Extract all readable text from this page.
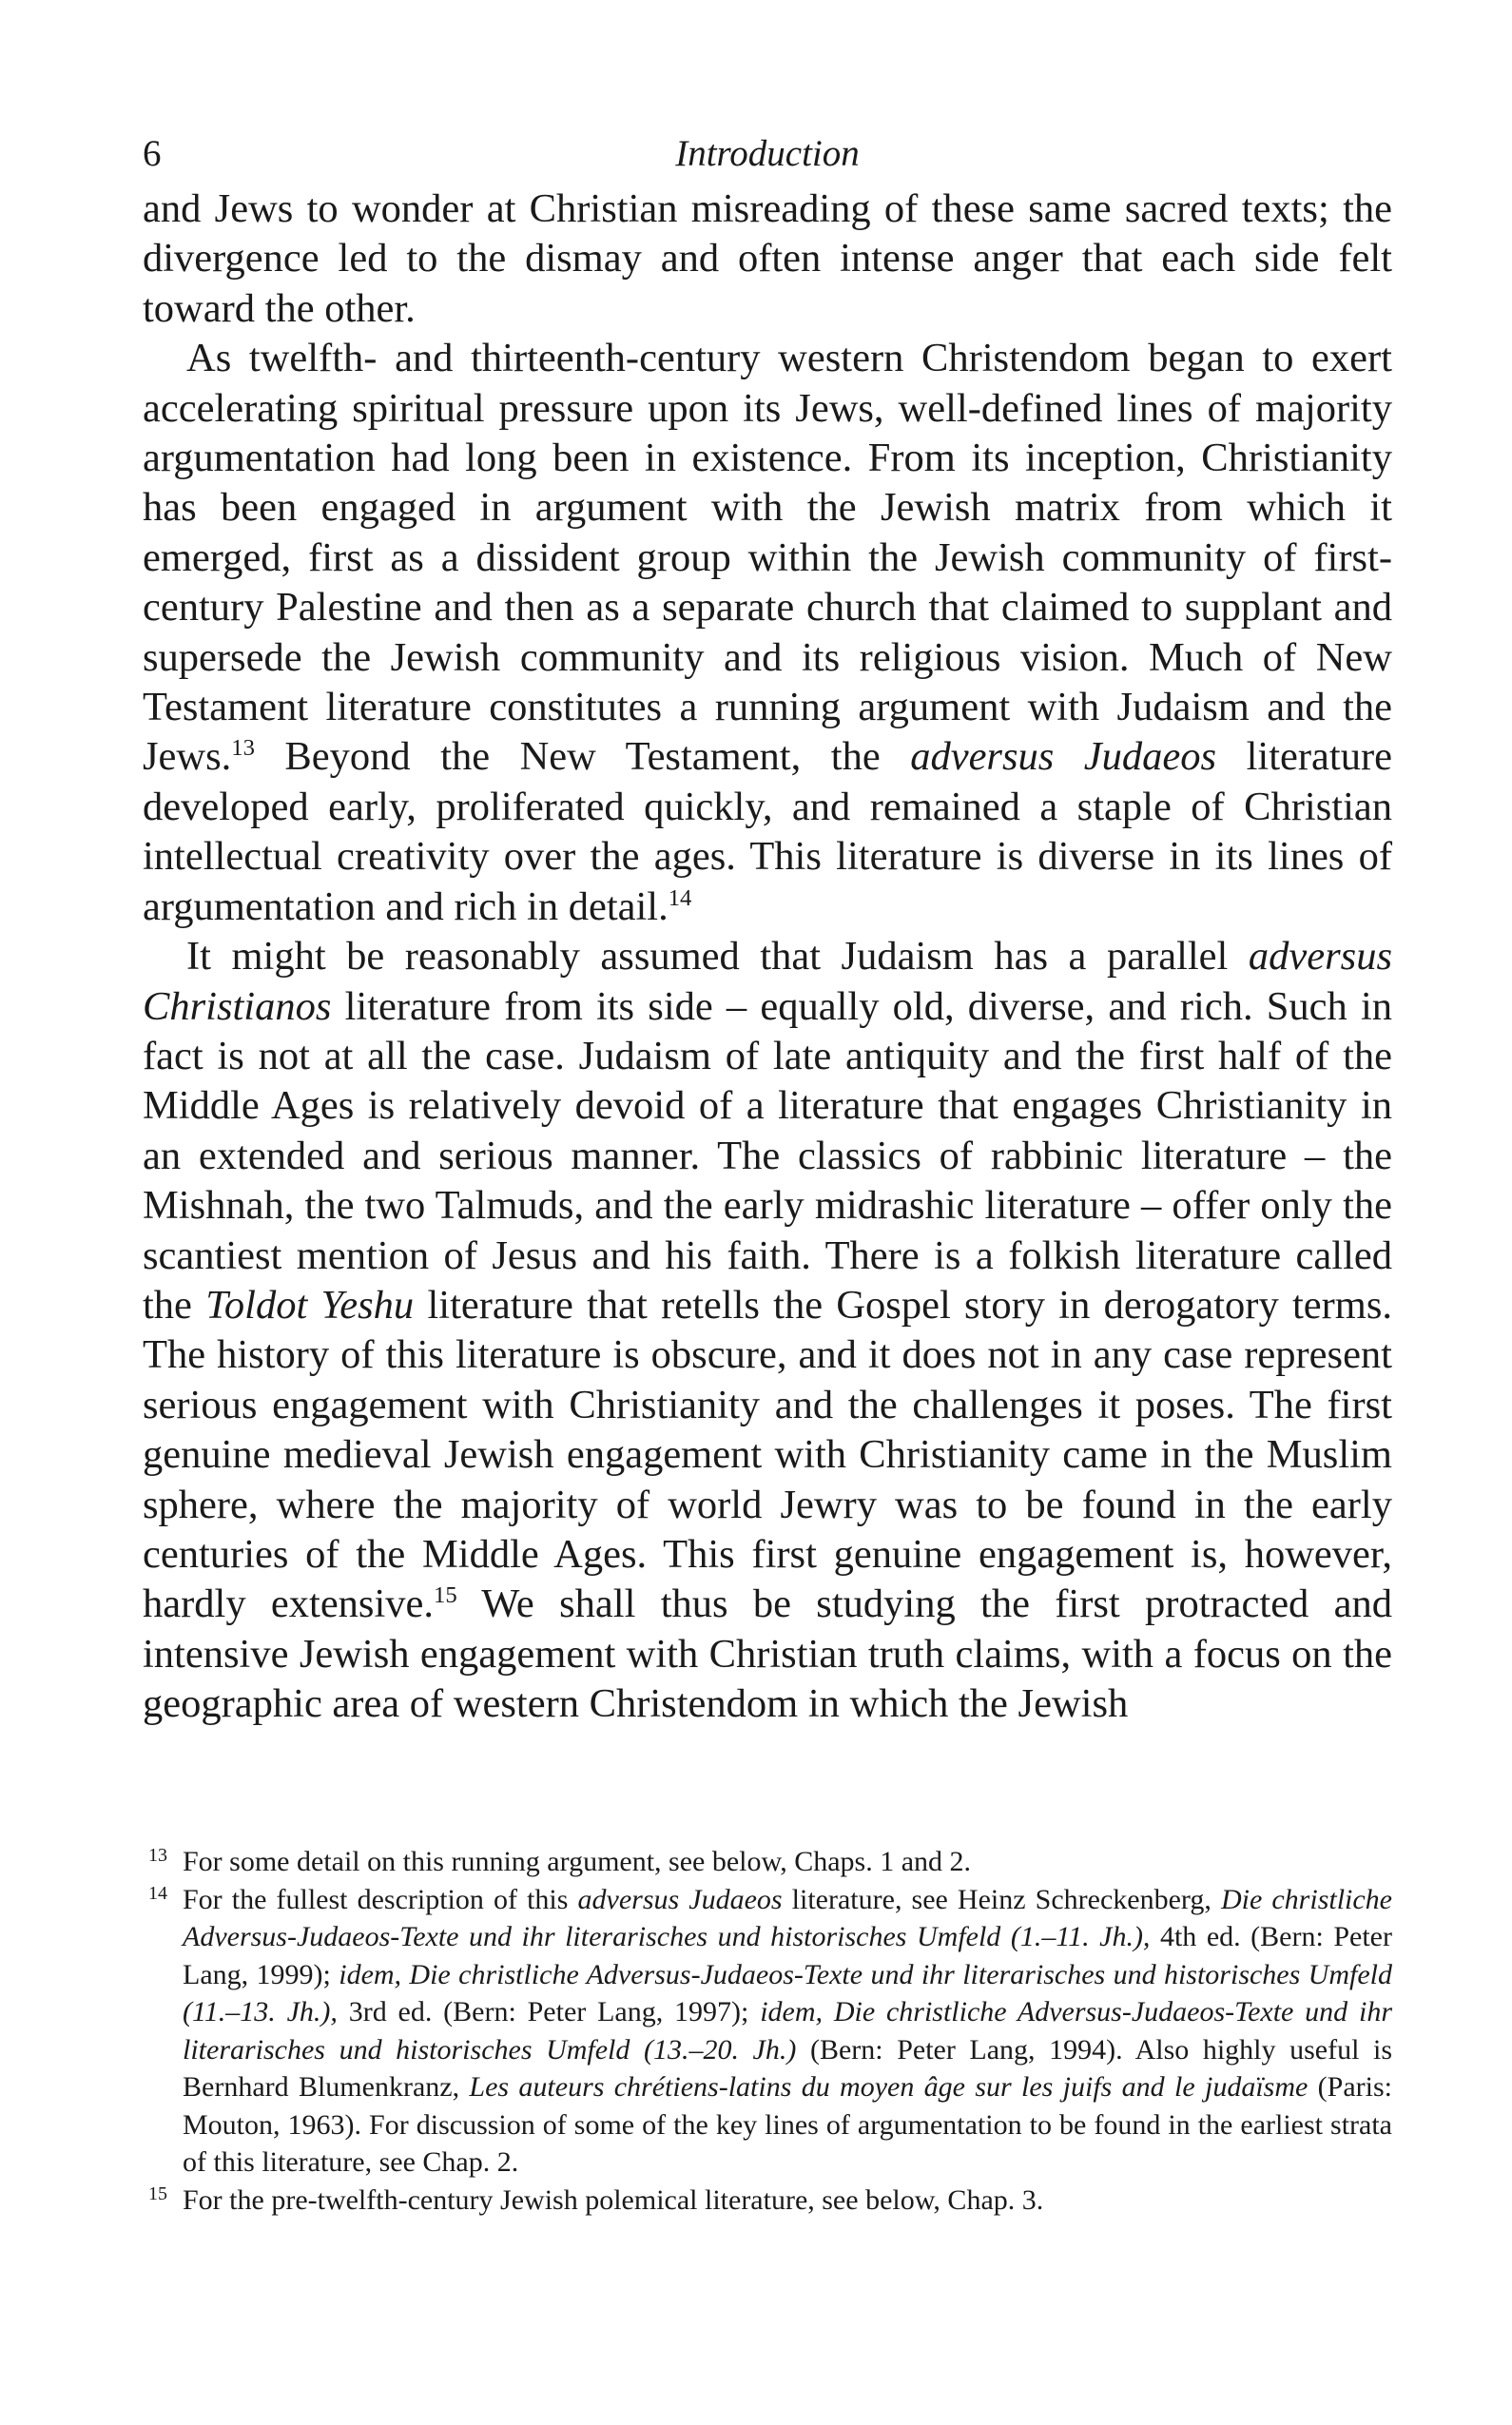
6	Introduction

and Jews to wonder at Christian misreading of these same sacred texts; the divergence led to the dismay and often intense anger that each side felt toward the other.

As twelfth- and thirteenth-century western Christendom began to exert accelerating spiritual pressure upon its Jews, well-defined lines of majority argumentation had long been in existence. From its inception, Christianity has been engaged in argument with the Jewish matrix from which it emerged, first as a dissident group within the Jewish community of first-century Palestine and then as a separate church that claimed to supplant and supersede the Jewish community and its religious vision. Much of New Testament literature constitutes a running argument with Judaism and the Jews.$^{13}$ Beyond the New Testament, the adversus Judaeos literature developed early, proliferated quickly, and remained a staple of Christian intellectual creativity over the ages. This literature is diverse in its lines of argumentation and rich in detail.$^{14}$

It might be reasonably assumed that Judaism has a parallel adversus Christianos literature from its side – equally old, diverse, and rich. Such in fact is not at all the case. Judaism of late antiquity and the first half of the Middle Ages is relatively devoid of a literature that engages Christianity in an extended and serious manner. The classics of rabbinic literature – the Mishnah, the two Talmuds, and the early midrashic literature – offer only the scantiest mention of Jesus and his faith. There is a folkish literature called the Toldot Yeshu literature that retells the Gospel story in derogatory terms. The history of this literature is obscure, and it does not in any case represent serious engagement with Christianity and the challenges it poses. The first genuine medieval Jewish engagement with Christianity came in the Muslim sphere, where the majority of world Jewry was to be found in the early centuries of the Middle Ages. This first genuine engagement is, however, hardly extensive.$^{15}$ We shall thus be studying the first protracted and intensive Jewish engagement with Christian truth claims, with a focus on the geographic area of western Christendom in which the Jewish

13 For some detail on this running argument, see below, Chaps. 1 and 2.

14 For the fullest description of this adversus Judaeos literature, see Heinz Schreckenberg, Die christliche Adversus-Judaeos-Texte und ihr literarisches und historisches Umfeld (1.–11. Jh.), 4th ed. (Bern: Peter Lang, 1999); idem, Die christliche Adversus-Judaeos-Texte und ihr literarisches und historisches Umfeld (11.–13. Jh.), 3rd ed. (Bern: Peter Lang, 1997); idem, Die christliche Adversus-Judaeos-Texte und ihr literarisches und historisches Umfeld (13.–20. Jh.) (Bern: Peter Lang, 1994). Also highly useful is Bernhard Blumenkranz, Les auteurs chrétiens-latins du moyen âge sur les juifs and le judaïsme (Paris: Mouton, 1963). For discussion of some of the key lines of argumentation to be found in the earliest strata of this literature, see Chap. 2.

15 For the pre-twelfth-century Jewish polemical literature, see below, Chap. 3.
